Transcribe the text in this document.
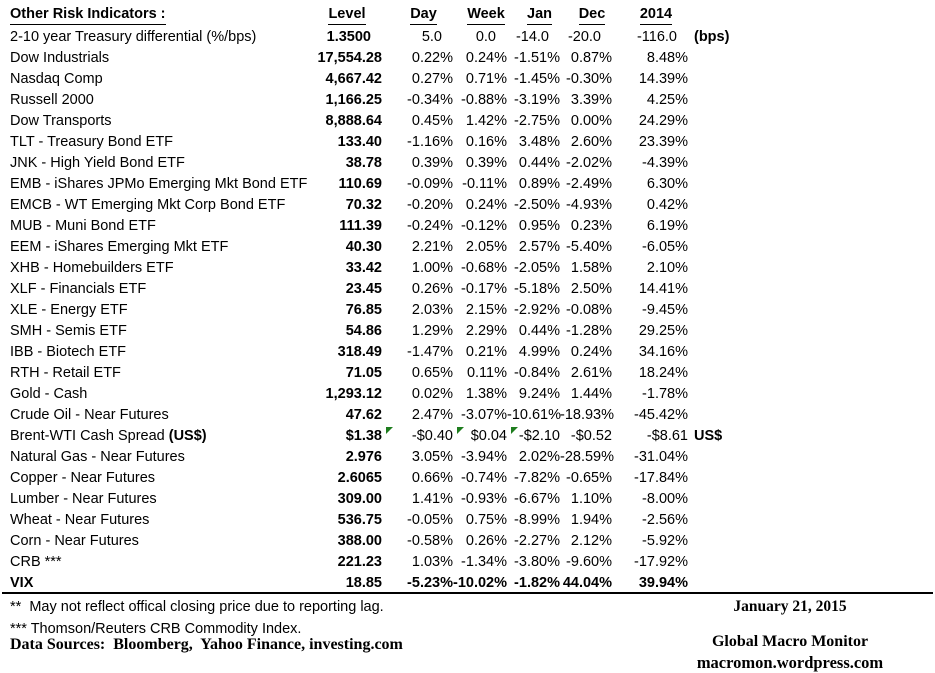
Other Risk Indicators :	Level	Day	Week	Jan	Dec	2014	
2-10 year Treasury differential (%/bps)	1.3500	5.0	0.0	-14.0	-20.0	-116.0	(bps)
Dow Industrials	17,554.28	0.22%	0.24%	-1.51%	0.87%	8.48%	
Nasdaq Comp	4,667.42	0.27%	0.71%	-1.45%	-0.30%	14.39%	
Russell 2000	1,166.25	-0.34%	-0.88%	-3.19%	3.39%	4.25%	
Dow Transports	8,888.64	0.45%	1.42%	-2.75%	0.00%	24.29%	
TLT - Treasury Bond ETF	133.40	-1.16%	0.16%	3.48%	2.60%	23.39%	
JNK - High Yield Bond ETF	38.78	0.39%	0.39%	0.44%	-2.02%	-4.39%	
EMB - iShares JPMo Emerging Mkt Bond ETF	110.69	-0.09%	-0.11%	0.89%	-2.49%	6.30%	
EMCB - WT Emerging Mkt Corp Bond ETF	70.32	-0.20%	0.24%	-2.50%	-4.93%	0.42%	
MUB - Muni Bond ETF	111.39	-0.24%	-0.12%	0.95%	0.23%	6.19%	
EEM - iShares Emerging Mkt ETF	40.30	2.21%	2.05%	2.57%	-5.40%	-6.05%	
XHB - Homebuilders ETF	33.42	1.00%	-0.68%	-2.05%	1.58%	2.10%	
XLF - Financials ETF	23.45	0.26%	-0.17%	-5.18%	2.50%	14.41%	
XLE - Energy ETF	76.85	2.03%	2.15%	-2.92%	-0.08%	-9.45%	
SMH - Semis ETF	54.86	1.29%	2.29%	0.44%	-1.28%	29.25%	
IBB - Biotech ETF	318.49	-1.47%	0.21%	4.99%	0.24%	34.16%	
RTH - Retail ETF	71.05	0.65%	0.11%	-0.84%	2.61%	18.24%	
Gold - Cash	1,293.12	0.02%	1.38%	9.24%	1.44%	-1.78%	
Crude Oil - Near Futures	47.62	2.47%	-3.07%	-10.61%	-18.93%	-45.42%	
Brent-WTI Cash Spread (US$)	$1.38	-$0.40	$0.04	-$2.10	-$0.52	-$8.61	US$
Natural Gas - Near Futures	2.976	3.05%	-3.94%	2.02%	-28.59%	-31.04%	
Copper - Near Futures	2.6065	0.66%	-0.74%	-7.82%	-0.65%	-17.84%	
Lumber - Near Futures	309.00	1.41%	-0.93%	-6.67%	1.10%	-8.00%	
Wheat - Near Futures	536.75	-0.05%	0.75%	-8.99%	1.94%	-2.56%	
Corn - Near Futures	388.00	-0.58%	0.26%	-2.27%	2.12%	-5.92%	
CRB ***	221.23	1.03%	-1.34%	-3.80%	-9.60%	-17.92%	
VIX	18.85	-5.23%	-10.02%	-1.82%	44.04%	39.94%	
**  May not reflect offical closing price due to reporting lag.
*** Thomson/Reuters CRB Commodity Index.
Data Sources:  Bloomberg,  Yahoo Finance, investing.com
January 21, 2015
Global Macro Monitor
macromon.wordpress.com
